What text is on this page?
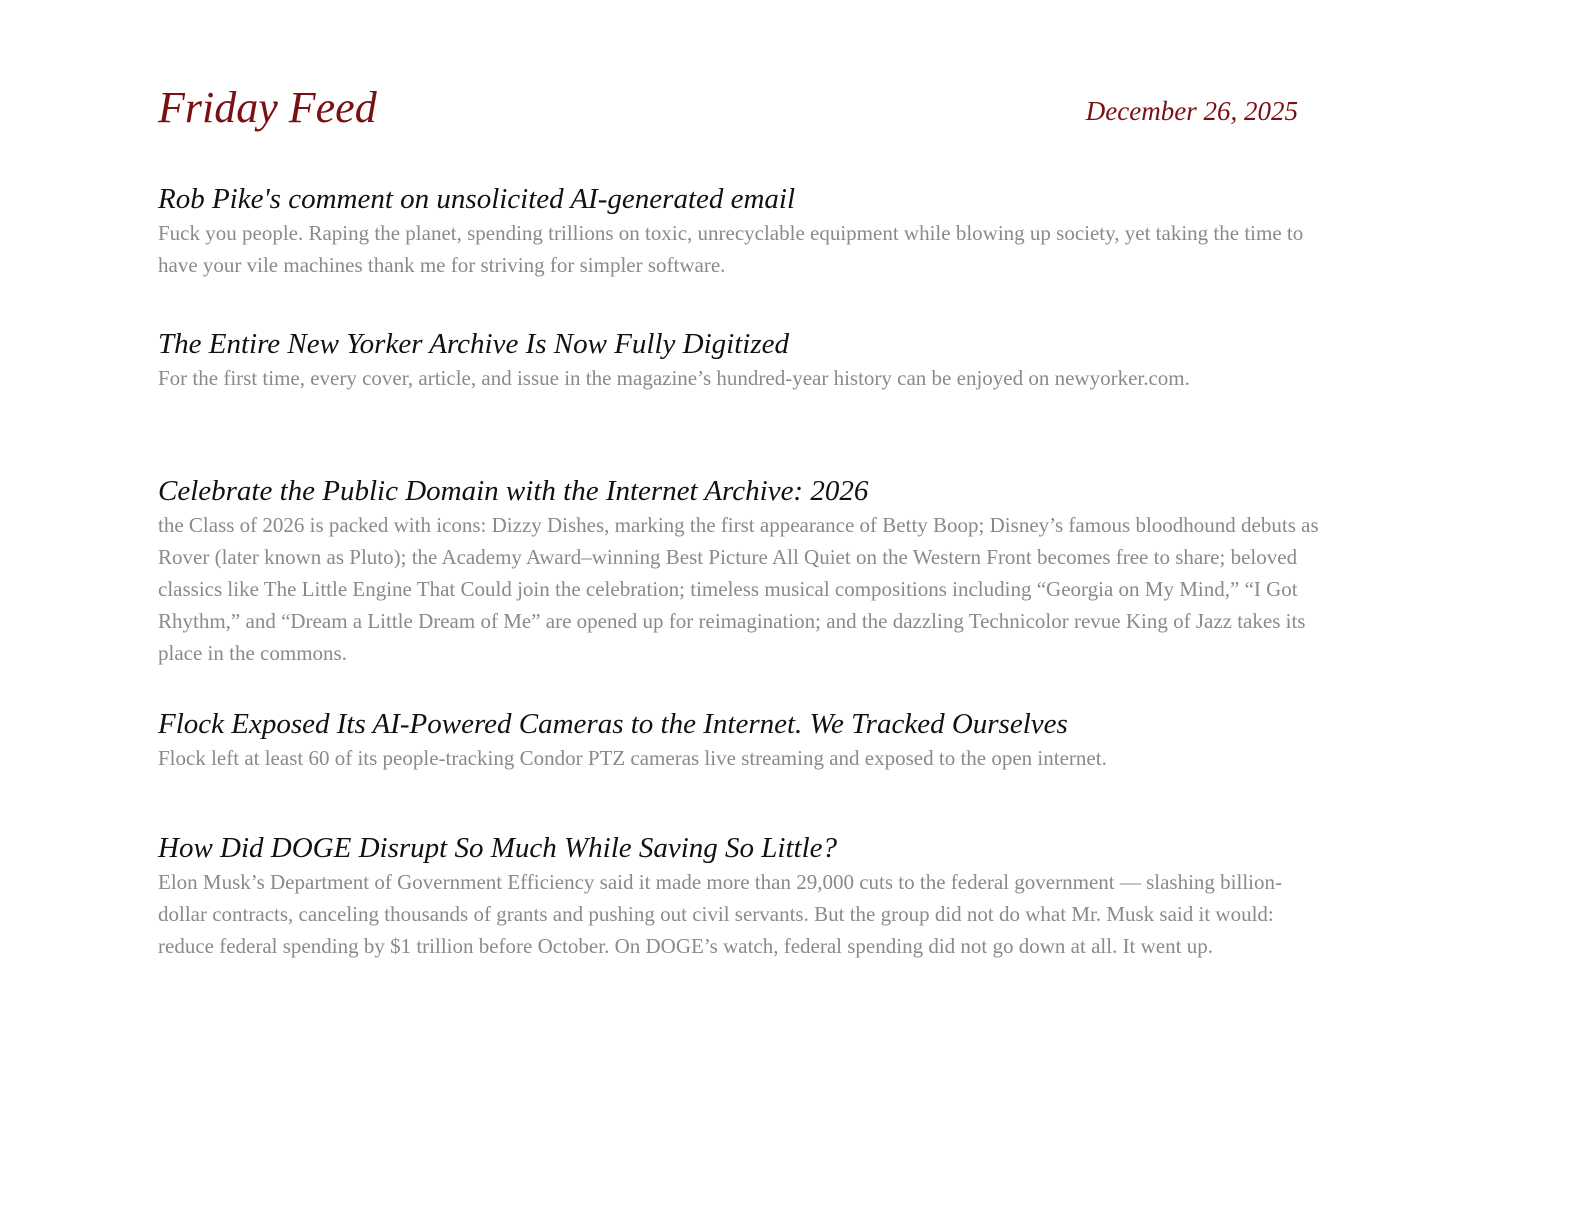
Friday Feed	December 26, 2025
Rob Pike's comment on unsolicited AI-generated email

Fuck you people. Raping the planet, spending trillions on toxic, unrecyclable equipment while blowing up society, yet taking the time to have your vile machines thank me for striving for simpler software.

The Entire New Yorker Archive Is Now Fully Digitized

For the first time, every cover, article, and issue in the magazine’s hundred-year history can be enjoyed on newyorker.com.

Celebrate the Public Domain with the Internet Archive: 2026

the Class of 2026 is packed with icons: Dizzy Dishes, marking the first appearance of Betty Boop; Disney’s famous bloodhound debuts as Rover (later known as Pluto); the Academy Award–winning Best Picture All Quiet on the Western Front becomes free to share; beloved classics like The Little Engine That Could join the celebration; timeless musical compositions including “Georgia on My Mind,” “I Got Rhythm,” and “Dream a Little Dream of Me” are opened up for reimagination; and the dazzling Technicolor revue King of Jazz takes its place in the commons.

Flock Exposed Its AI-Powered Cameras to the Internet. We Tracked Ourselves

Flock left at least 60 of its people-tracking Condor PTZ cameras live streaming and exposed to the open internet.

How Did DOGE Disrupt So Much While Saving So Little?

Elon Musk’s Department of Government Efficiency said it made more than 29,000 cuts to the federal government — slashing billion-dollar contracts, canceling thousands of grants and pushing out civil servants. But the group did not do what Mr. Musk said it would: reduce federal spending by $1 trillion before October. On DOGE’s watch, federal spending did not go down at all. It went up.
